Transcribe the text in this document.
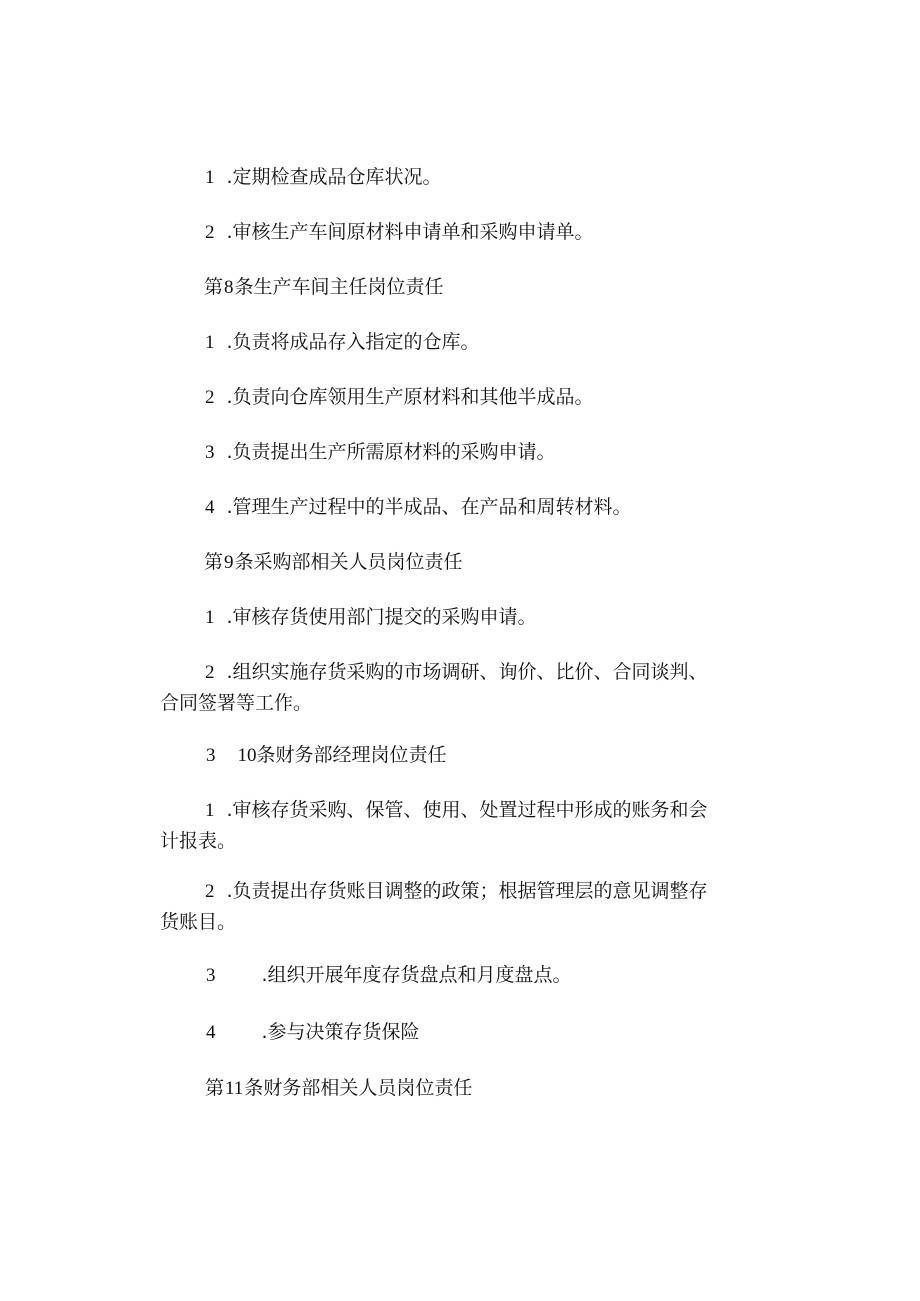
1 .定期检查成品仓库状况。

2 .审核生产车间原材料申请单和采购申请单。

第8条生产车间主任岗位责任

1 .负责将成品存入指定的仓库。

2 .负责向仓库领用生产原材料和其他半成品。

3 .负责提出生产所需原材料的采购申请。

4 .管理生产过程中的半成品、在产品和周转材料。

第9条采购部相关人员岗位责任

1 .审核存货使用部门提交的采购申请。

2 .组织实施存货采购的市场调研、询价、比价、合同谈判、
合同签署等工作。

3 10条财务部经理岗位责任

1 .审核存货采购、保管、使用、处置过程中形成的账务和会
计报表。
2 .负责提出存货账目调整的政策；根据管理层的意见调整存
货账目。

3 .组织开展年度存货盘点和月度盘点。

4 .参与决策存货保险

第11条财务部相关人员岗位责任
